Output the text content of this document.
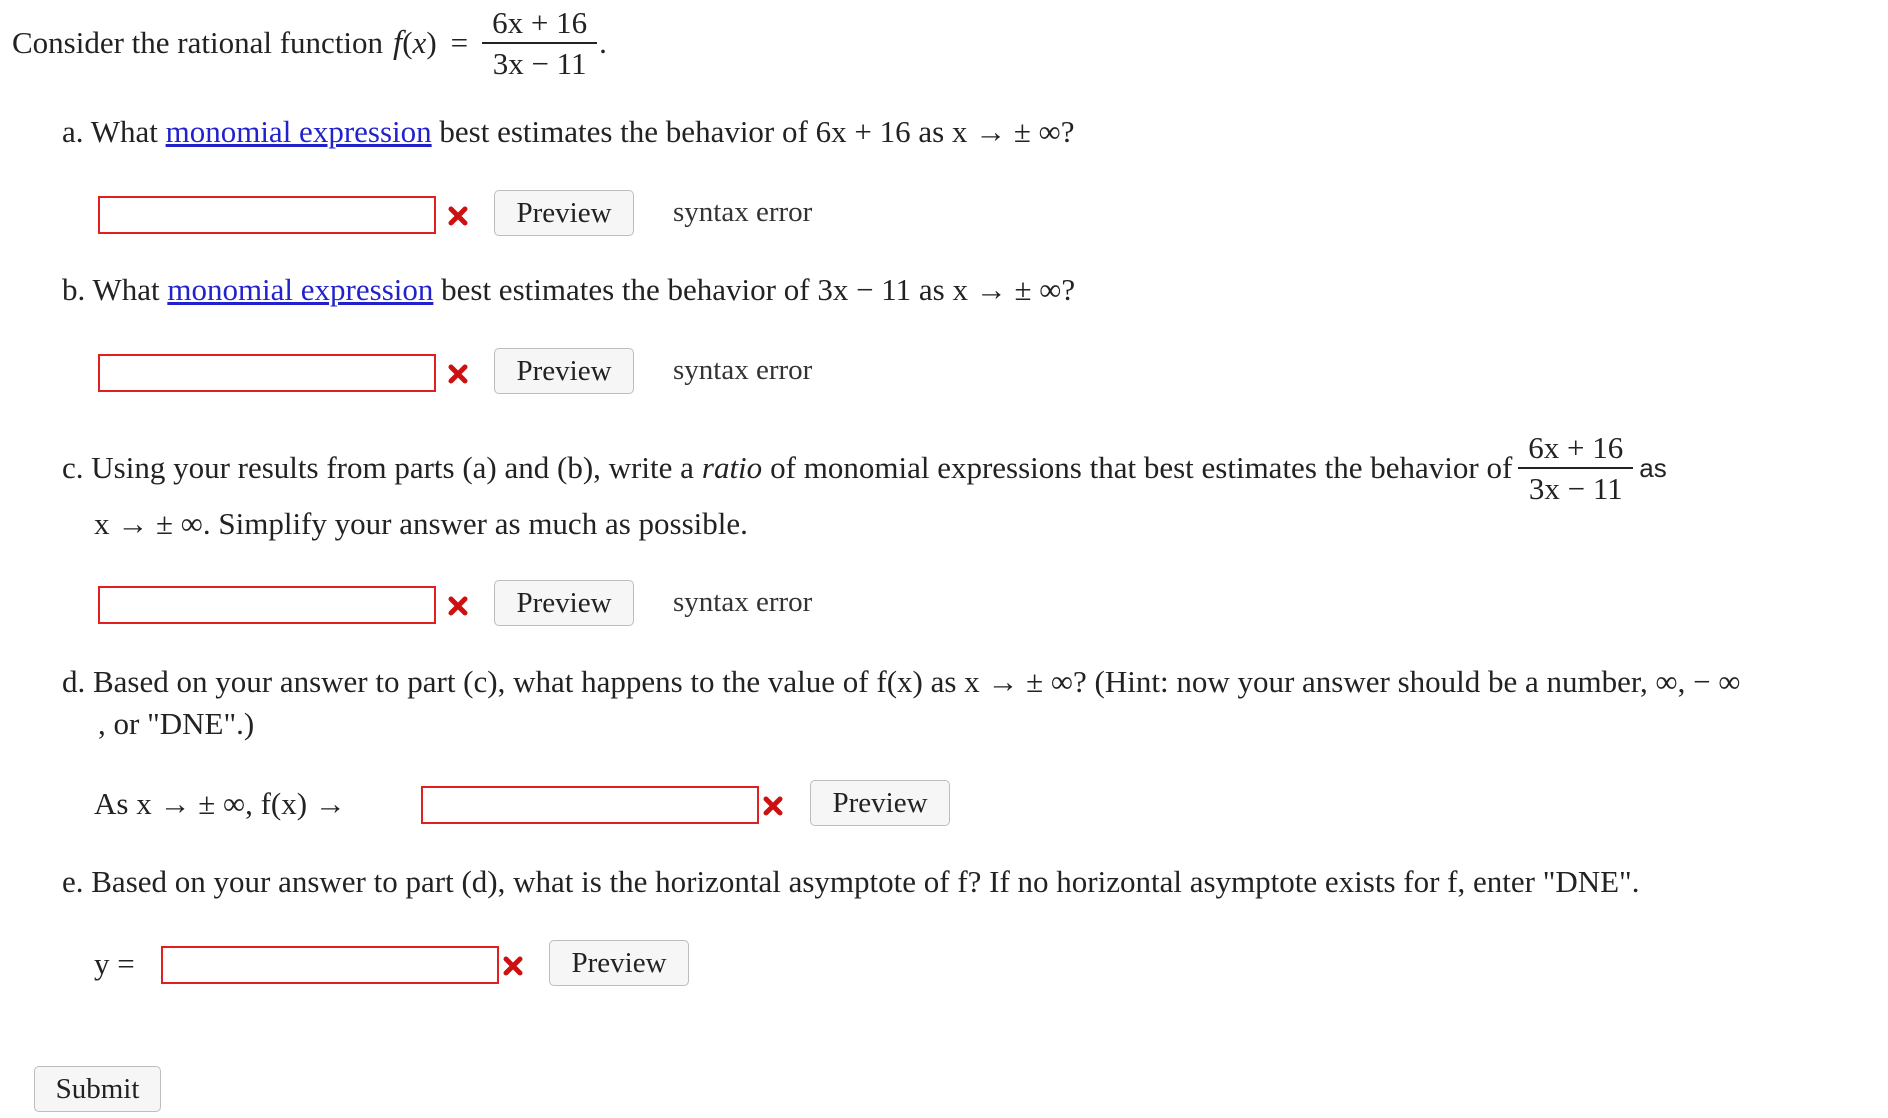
Consider the rational function f ( x ) = $\frac{6x + 16}{3x - 11}$ .
a. What monomial expression best estimates the behavior of 6x + 16 as x → ± ∞?
Preview	syntax error
b. What monomial expression best estimates the behavior of 3x − 11 as x → ± ∞?
Preview	syntax error
c. Using your results from parts (a) and (b), write a ratio of monomial expressions that best estimates the behavior of $\frac{6x + 16}{3x - 11}$ as
x → ± ∞. Simplify your answer as much as possible.
Preview	syntax error
d. Based on your answer to part (c), what happens to the value of f(x) as x → ± ∞? (Hint: now your answer should be a number, ∞, − ∞
, or "DNE".)
As x → ± ∞, f(x) →	Preview
e. Based on your answer to part (d), what is the horizontal asymptote of f? If no horizontal asymptote exists for f, enter "DNE".
y =	Preview
Submit
